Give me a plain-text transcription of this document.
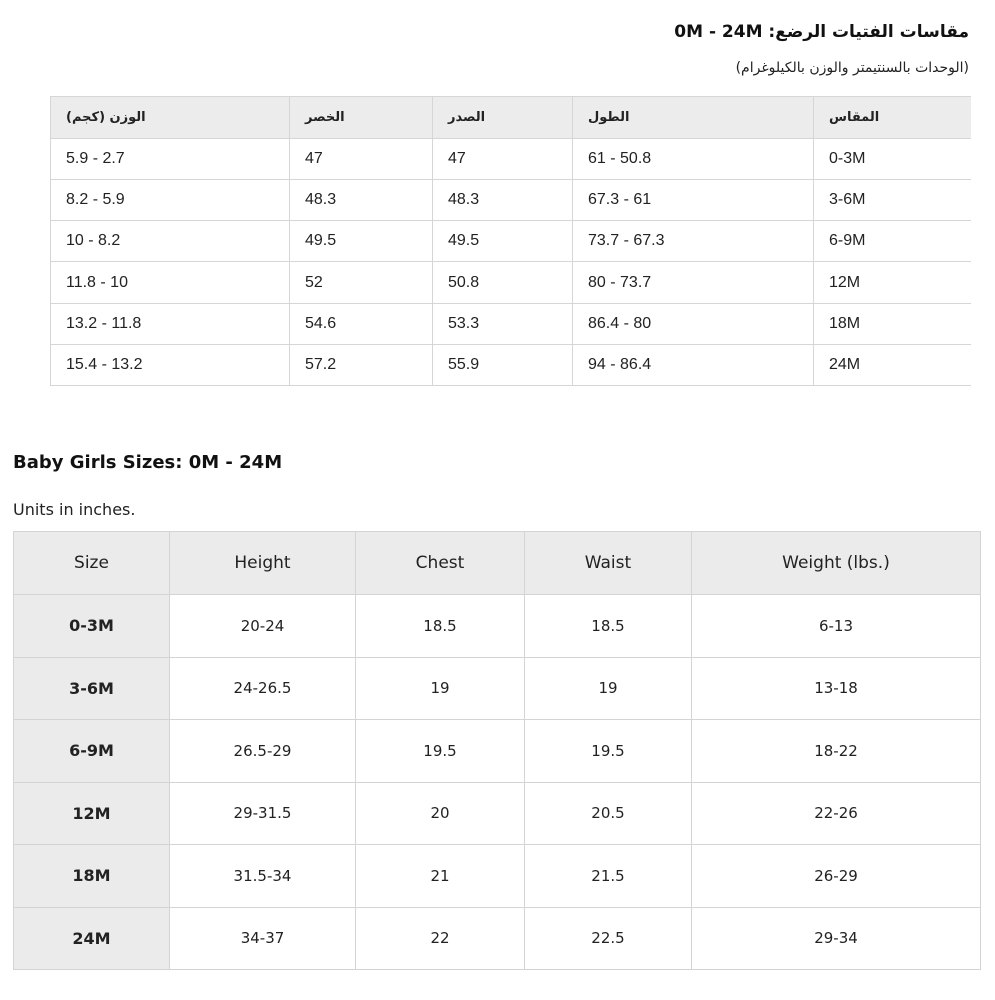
مقاسات الفتيات الرضع: 0M - 24M
(الوحدات بالسنتيمتر والوزن بالكيلوغرام)
الوزن (كجم)	الخصر	الصدر	الطول	المقاس
5.9 - 2.7	47	47	61 - 50.8	0-3M
8.2 - 5.9	48.3	48.3	67.3 - 61	3-6M
10 - 8.2	49.5	49.5	73.7 - 67.3	6-9M
11.8 - 10	52	50.8	80 - 73.7	12M
13.2 - 11.8	54.6	53.3	86.4 - 80	18M
15.4 - 13.2	57.2	55.9	94 - 86.4	24M
Baby Girls Sizes: 0M - 24M
Units in inches.
Size	Height	Chest	Waist	Weight (lbs.)
0-3M	20-24	18.5	18.5	6-13
3-6M	24-26.5	19	19	13-18
6-9M	26.5-29	19.5	19.5	18-22
12M	29-31.5	20	20.5	22-26
18M	31.5-34	21	21.5	26-29
24M	34-37	22	22.5	29-34
